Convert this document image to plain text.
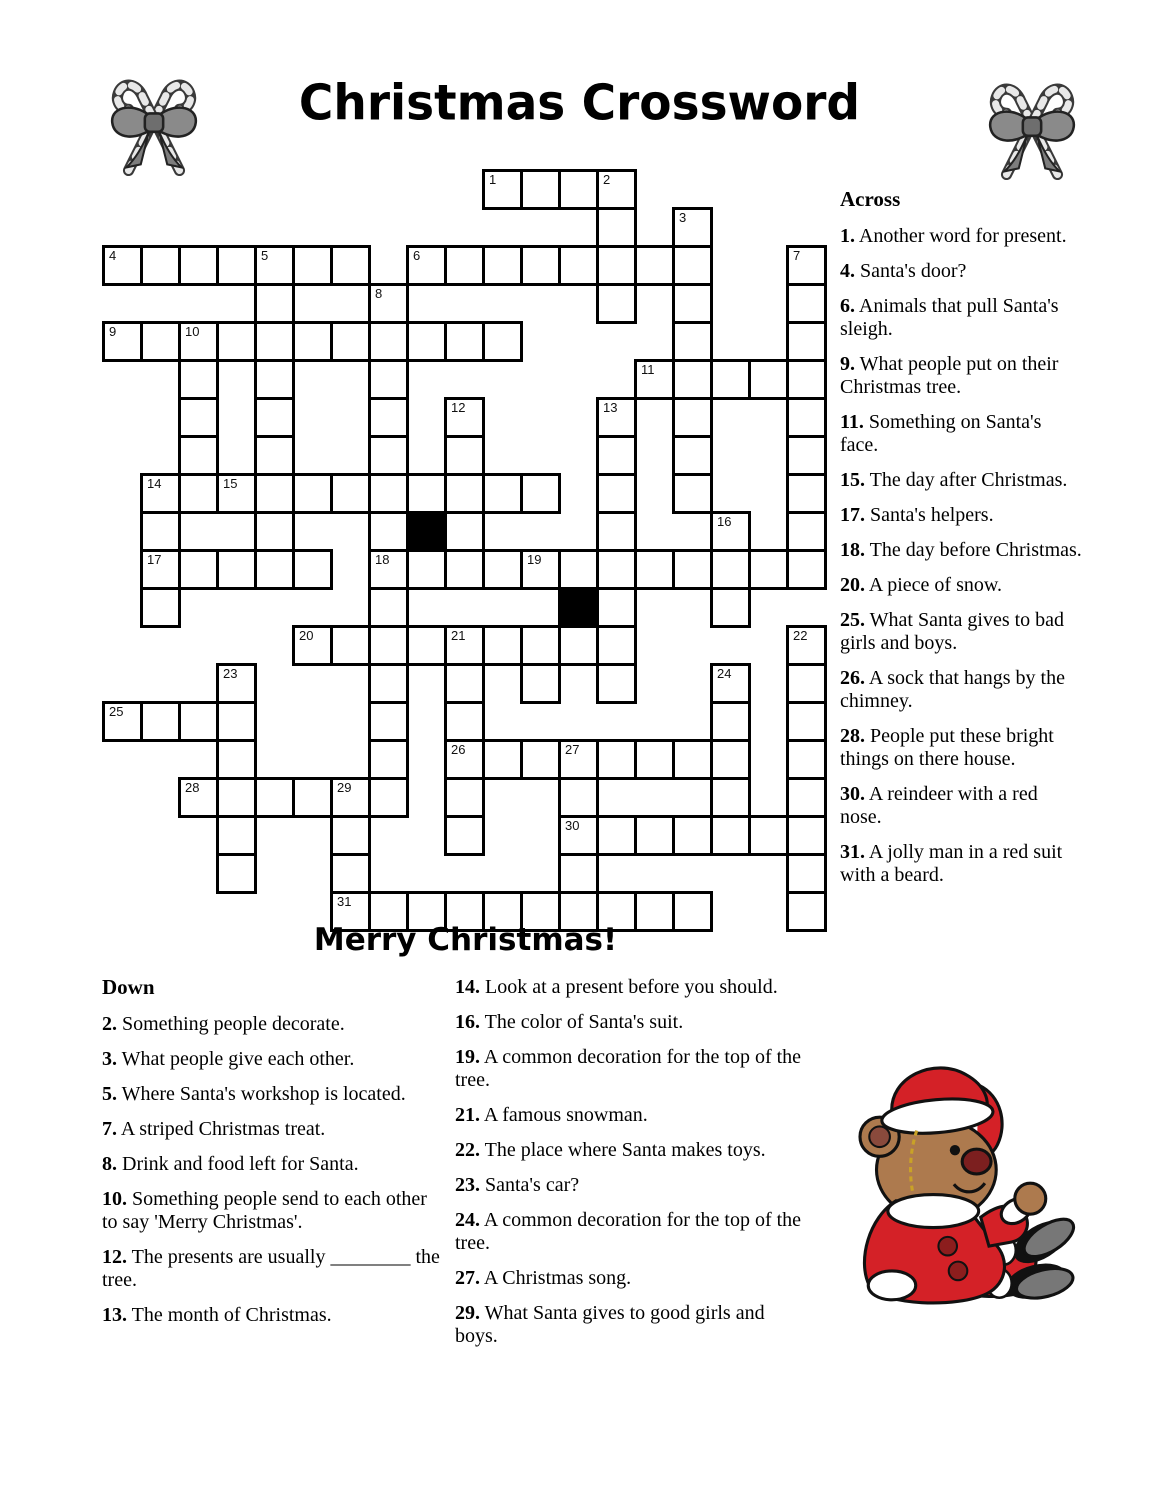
Christmas Crossword
1	2
3
4	5	6	7
8
9	10
11
12	13
14	15
16
17	18	19
20	21	22
23	24
25
26	27
28	29
30
31
Merry Christmas!
Across

1. Another word for present.

4. Santa's door?

6. Animals that pull Santa's sleigh.

9. What people put on their Christmas tree.

11. Something on Santa's face.

15. The day after Christmas.

17. Santa's helpers.

18. The day before Christmas.

20. A piece of snow.

25. What Santa gives to bad girls and boys.

26. A sock that hangs by the chimney.

28. People put these bright things on there house.

30. A reindeer with a red nose.

31. A jolly man in a red suit with a beard.

Down

2. Something people decorate.

3. What people give each other.

5. Where Santa's workshop is located.

7. A striped Christmas treat.

8. Drink and food left for Santa.

10. Something people send to each other to say 'Merry Christmas'.

12. The presents are usually ________ the tree.

13. The month of Christmas.

14. Look at a present before you should.

16. The color of Santa's suit.

19. A common decoration for the top of the tree.

21. A famous snowman.

22. The place where Santa makes toys.

23. Santa's car?

24. A common decoration for the top of the tree.

27. A Christmas song.

29. What Santa gives to good girls and boys.
